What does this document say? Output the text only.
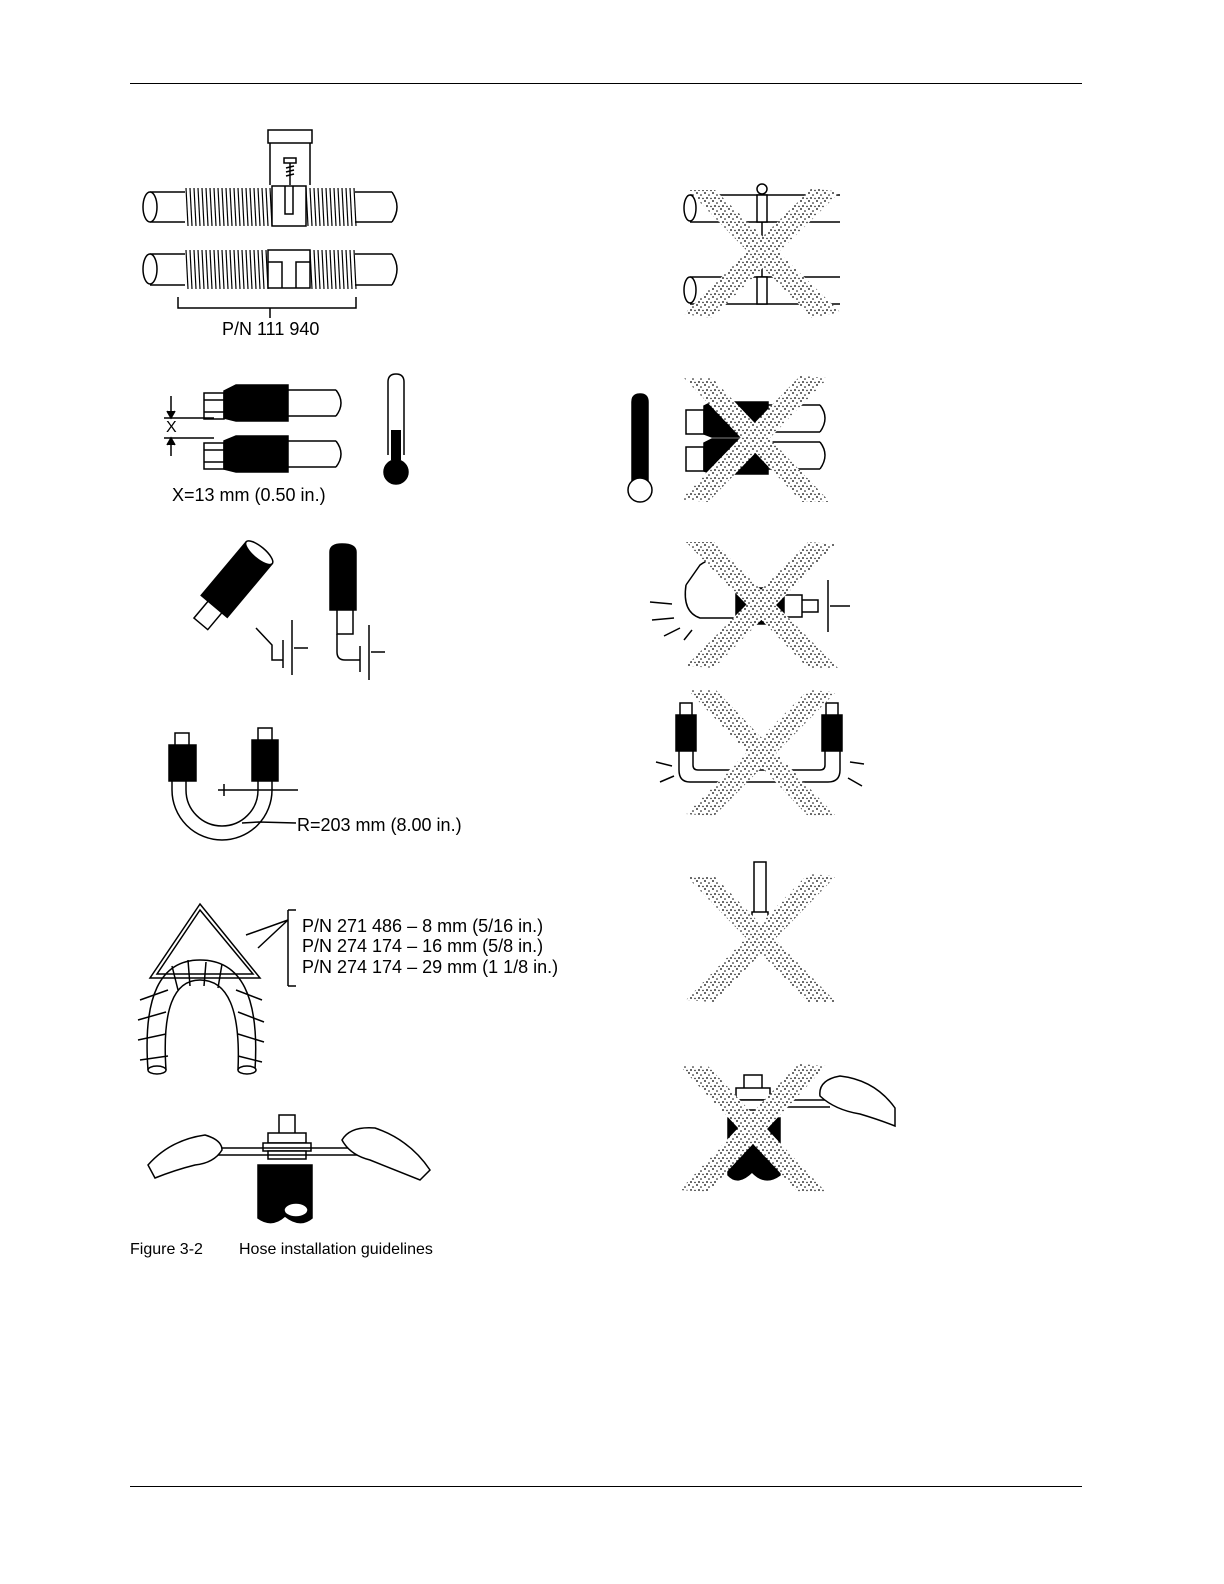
P/N 111 940
X
X=13 mm (0.50 in.)
R=203 mm (8.00 in.)
P/N 271 486 – 8 mm (5/16 in.)
P/N 274 174 – 16 mm (5/8 in.)
P/N 274 174 – 29 mm (1 1/8 in.)
Figure 3-2 Hose installation guidelines
